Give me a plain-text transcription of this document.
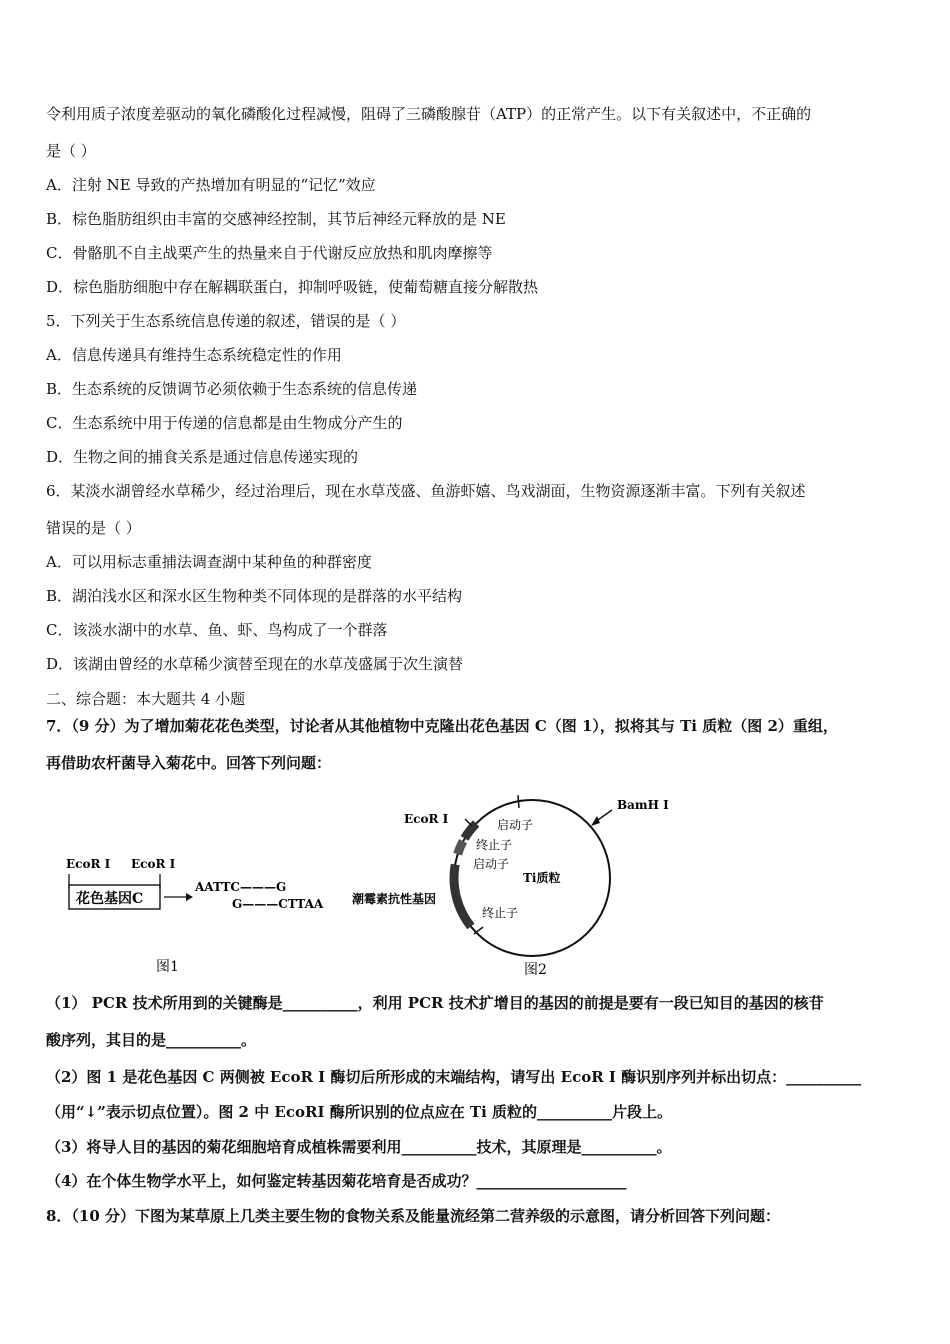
令利用质子浓度差驱动的氧化磷酸化过程减慢，阻碍了三磷酸腺苷（ATP）的正常产生。以下有关叙述中，不正确的
是（ ）
A．注射 NE 导致的产热增加有明显的“记忆”效应
B．棕色脂肪组织由丰富的交感神经控制，其节后神经元释放的是 NE
C．骨骼肌不自主战栗产生的热量来自于代谢反应放热和肌肉摩擦等
D．棕色脂肪细胞中存在解耦联蛋白，抑制呼吸链，使葡萄糖直接分解散热
5．下列关于生态系统信息传递的叙述，错误的是（ ）
A．信息传递具有维持生态系统稳定性的作用
B．生态系统的反馈调节必须依赖于生态系统的信息传递
C．生态系统中用于传递的信息都是由生物成分产生的
D．生物之间的捕食关系是通过信息传递实现的
6．某淡水湖曾经水草稀少，经过治理后，现在水草茂盛、鱼游虾嬉、鸟戏湖面，生物资源逐渐丰富。下列有关叙述
错误的是（ ）
A．可以用标志重捕法调查湖中某种鱼的种群密度
B．湖泊浅水区和深水区生物种类不同体现的是群落的水平结构
C．该淡水湖中的水草、鱼、虾、鸟构成了一个群落
D．该湖由曾经的水草稀少演替至现在的水草茂盛属于次生演替
二、综合题：本大题共 4 小题
7．（9 分）为了增加菊花花色类型，讨论者从其他植物中克隆出花色基因 C（图 1），拟将其与 Ti 质粒（图 2）重组，
再借助农杆菌导入菊花中。回答下列问题：
（1） PCR 技术所用到的关键酶是__________，利用 PCR 技术扩增目的基因的前提是要有一段已知目的基因的核苷
酸序列，其目的是__________。
（2）图 1 是花色基因 C 两侧被 EcoR I 酶切后所形成的末端结构，请写出 EcoR I 酶识别序列并标出切点：__________
（用“↓”表示切点位置）。图 2 中 EcoRI 酶所识别的位点应在 Ti 质粒的__________片段上。
（3）将导人目的基因的菊花细胞培育成植株需要利用__________技术，其原理是__________。
（4）在个体生物学水平上，如何鉴定转基因菊花培育是否成功？____________________
8．（10 分）下图为某草原上几类主要生物的食物关系及能量流经第二营养级的示意图，请分析回答下列问题：
EcoR Ⅰ EcoR Ⅰ
花色基因C
AATTC———G
G———CTTAA
图1
EcoR Ⅰ
BamH Ⅰ
启动子
终止子
启动子
Ti质粒
潮霉素抗性基因
终止子
图2
